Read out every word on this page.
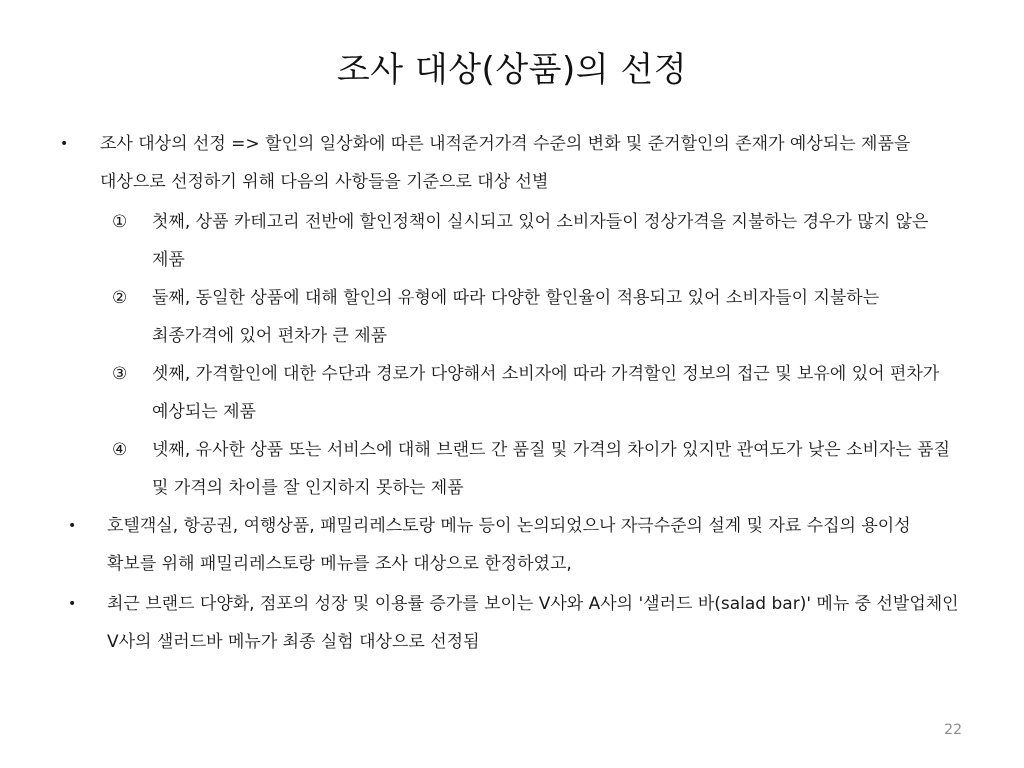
조사 대상(상품)의 선정
• 조사 대상의 선정 => 할인의 일상화에 따른 내적준거가격 수준의 변화 및 준거할인의 존재가 예상되는 제품을 대상으로 선정하기 위해 다음의 사항들을 기준으로 대상 선별
① 첫째, 상품 카테고리 전반에 할인정책이 실시되고 있어 소비자들이 정상가격을 지불하는 경우가 많지 않은 제품
② 둘째, 동일한 상품에 대해 할인의 유형에 따라 다양한 할인율이 적용되고 있어 소비자들이 지불하는 최종가격에 있어 편차가 큰 제품
③ 셋째, 가격할인에 대한 수단과 경로가 다양해서 소비자에 따라 가격할인 정보의 접근 및 보유에 있어 편차가 예상되는 제품
④ 넷째, 유사한 상품 또는 서비스에 대해 브랜드 간 품질 및 가격의 차이가 있지만 관여도가 낮은 소비자는 품질 및 가격의 차이를 잘 인지하지 못하는 제품
• 호텔객실, 항공권, 여행상품, 패밀리레스토랑 메뉴 등이 논의되었으나 자극수준의 설계 및 자료 수집의 용이성 확보를 위해 패밀리레스토랑 메뉴를 조사 대상으로 한정하였고,
• 최근 브랜드 다양화, 점포의 성장 및 이용률 증가를 보이는 V사와 A사의 '샐러드 바(salad bar)' 메뉴 중 선발업체인 V사의 샐러드바 메뉴가 최종 실험 대상으로 선정됨
22
